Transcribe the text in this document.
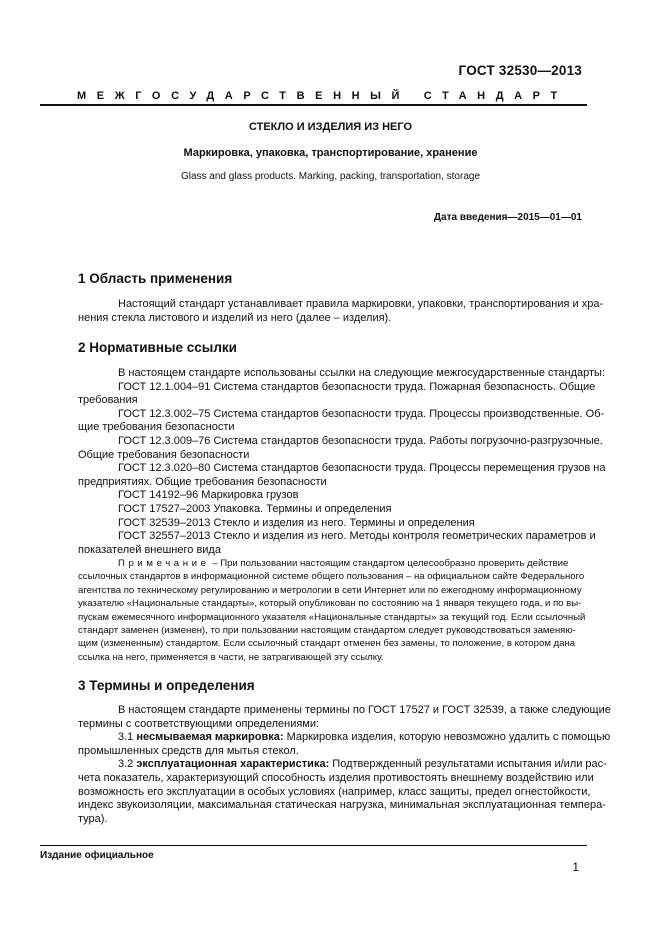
ГОСТ 32530—2013
МЕЖГОСУДАРСТВЕННЫЙ СТАНДАРТ
СТЕКЛО И ИЗДЕЛИЯ ИЗ НЕГО
Маркировка, упаковка, транспортирование, хранение
Glass and glass products. Marking, packing, transportation, storage
Дата введения—2015—01—01
1 Область применения
Настоящий стандарт устанавливает правила маркировки, упаковки, транспортирования и хра-
нения стекла листового и изделий из него (далее – изделия).
2 Нормативные ссылки
В настоящем стандарте использованы ссылки на следующие межгосударственные стандарты:
ГОСТ 12.1.004–91 Система стандартов безопасности труда. Пожарная безопасность. Общие
требования
ГОСТ 12.3.002–75 Система стандартов безопасности труда. Процессы производственные. Об-
щие требования безопасности
ГОСТ 12.3.009–76 Система стандартов безопасности труда. Работы погрузочно-разгрузочные.
Общие требования безопасности
ГОСТ 12.3.020–80 Система стандартов безопасности труда. Процессы перемещения грузов на
предприятиях. Общие требования безопасности
ГОСТ 14192–96 Маркировка грузов
ГОСТ 17527–2003 Упаковка. Термины и определения
ГОСТ 32539–2013 Стекло и изделия из него. Термины и определения
ГОСТ 32557–2013 Стекло и изделия из него. Методы контроля геометрических параметров и
показателей внешнего вида
Примечание – При пользовании настоящим стандартом целесообразно проверить действие
ссылочных стандартов в информационной системе общего пользования – на официальном сайте Федерального
агентства по техническому регулированию и метрологии в сети Интернет или по ежегодному информационному
указателю «Национальные стандарты», который опубликован по состоянию на 1 января текущего года, и по вы-
пускам ежемесячного информационного указателя «Национальные стандарты» за текущий год. Если ссылочный
стандарт заменен (изменен), то при пользовании настоящим стандартом следует руководствоваться заменяю-
щим (измененным) стандартом. Если ссылочный стандарт отменен без замены, то положение, в котором дана
ссылка на него, применяется в части, не затрагивающей эту ссылку.
3 Термины и определения
В настоящем стандарте применены термины по ГОСТ 17527 и ГОСТ 32539, а также следующие
термины с соответствующими определениями:
3.1 несмываемая маркировка: Маркировка изделия, которую невозможно удалить с помощью
промышленных средств для мытья стекол.
3.2 эксплуатационная характеристика: Подтвержденный результатами испытания и/или рас-
чета показатель, характеризующий способность изделия противостоять внешнему воздействию или
возможность его эксплуатации в особых условиях (например, класс защиты, предел огнестойкости,
индекс звукоизоляции, максимальная статическая нагрузка, минимальная эксплуатационная темпера-
тура).
Издание официальное
1
